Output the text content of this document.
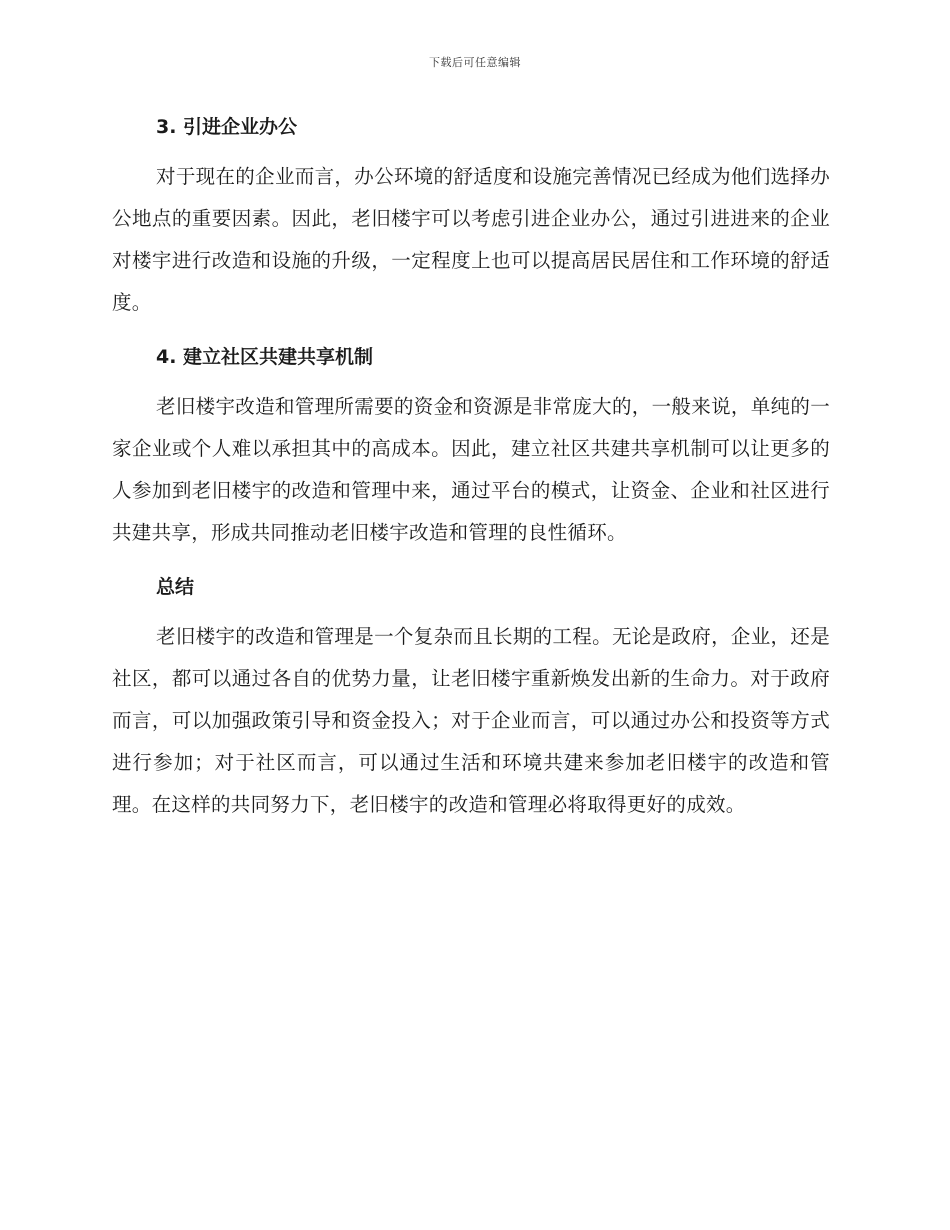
下载后可任意编辑
3. 引进企业办公

对于现在的企业而言，办公环境的舒适度和设施完善情况已经成为他们选择办公地点的重要因素。因此，老旧楼宇可以考虑引进企业办公，通过引进进来的企业对楼宇进行改造和设施的升级，一定程度上也可以提高居民居住和工作环境的舒适度。

4. 建立社区共建共享机制

老旧楼宇改造和管理所需要的资金和资源是非常庞大的，一般来说，单纯的一家企业或个人难以承担其中的高成本。因此，建立社区共建共享机制可以让更多的人参加到老旧楼宇的改造和管理中来，通过平台的模式，让资金、企业和社区进行共建共享，形成共同推动老旧楼宇改造和管理的良性循环。

总结

老旧楼宇的改造和管理是一个复杂而且长期的工程。无论是政府，企业，还是社区，都可以通过各自的优势力量，让老旧楼宇重新焕发出新的生命力。对于政府而言，可以加强政策引导和资金投入；对于企业而言，可以通过办公和投资等方式进行参加；对于社区而言，可以通过生活和环境共建来参加老旧楼宇的改造和管理。在这样的共同努力下，老旧楼宇的改造和管理必将取得更好的成效。
